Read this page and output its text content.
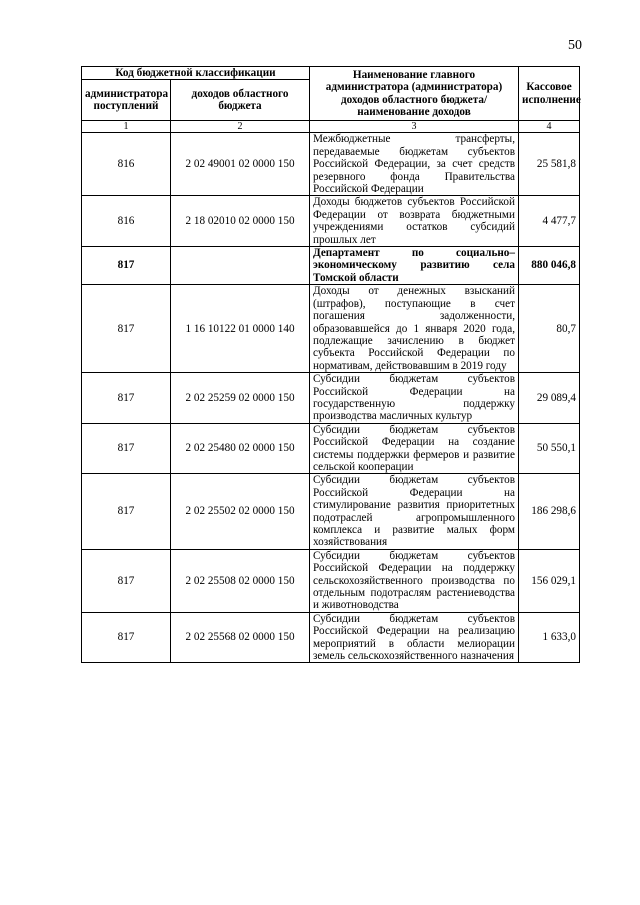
50
Код бюджетной классификации		Наименование главного администратора (администратора) доходов областного бюджета/ наименование доходов	Кассовое исполнение
администратора поступлений	доходов областного бюджета		
1	2	3	4
816	2 02 49001 02 0000 150	Межбюджетные трансферты, передаваемые бюджетам субъектов Российской Федерации, за счет средств резервного фонда Правительства Российской Федерации	25 581,8
816	2 18 02010 02 0000 150	Доходы бюджетов субъектов Российской Федерации от возврата бюджетными учреждениями остатков субсидий прошлых лет	4 477,7
817		Департамент по социально–экономическому развитию села Томской области	880 046,8
817	1 16 10122 01 0000 140	Доходы от денежных взысканий (штрафов), поступающие в счет погашения задолженности, образовавшейся до 1 января 2020 года, подлежащие зачислению в бюджет субъекта Российской Федерации по нормативам, действовавшим в 2019 году	80,7
817	2 02 25259 02 0000 150	Субсидии бюджетам субъектов Российской Федерации на государственную поддержку производства масличных культур	29 089,4
817	2 02 25480 02 0000 150	Субсидии бюджетам субъектов Российской Федерации на создание системы поддержки фермеров и развитие сельской кооперации	50 550,1
817	2 02 25502 02 0000 150	Субсидии бюджетам субъектов Российской Федерации на стимулирование развития приоритетных подотраслей агропромышленного комплекса и развитие малых форм хозяйствования	186 298,6
817	2 02 25508 02 0000 150	Субсидии бюджетам субъектов Российской Федерации на поддержку сельскохозяйственного производства по отдельным подотраслям растениеводства и животноводства	156 029,1
817	2 02 25568 02 0000 150	Субсидии бюджетам субъектов Российской Федерации на реализацию мероприятий в области мелиорации земель сельскохозяйственного назначения	1 633,0
